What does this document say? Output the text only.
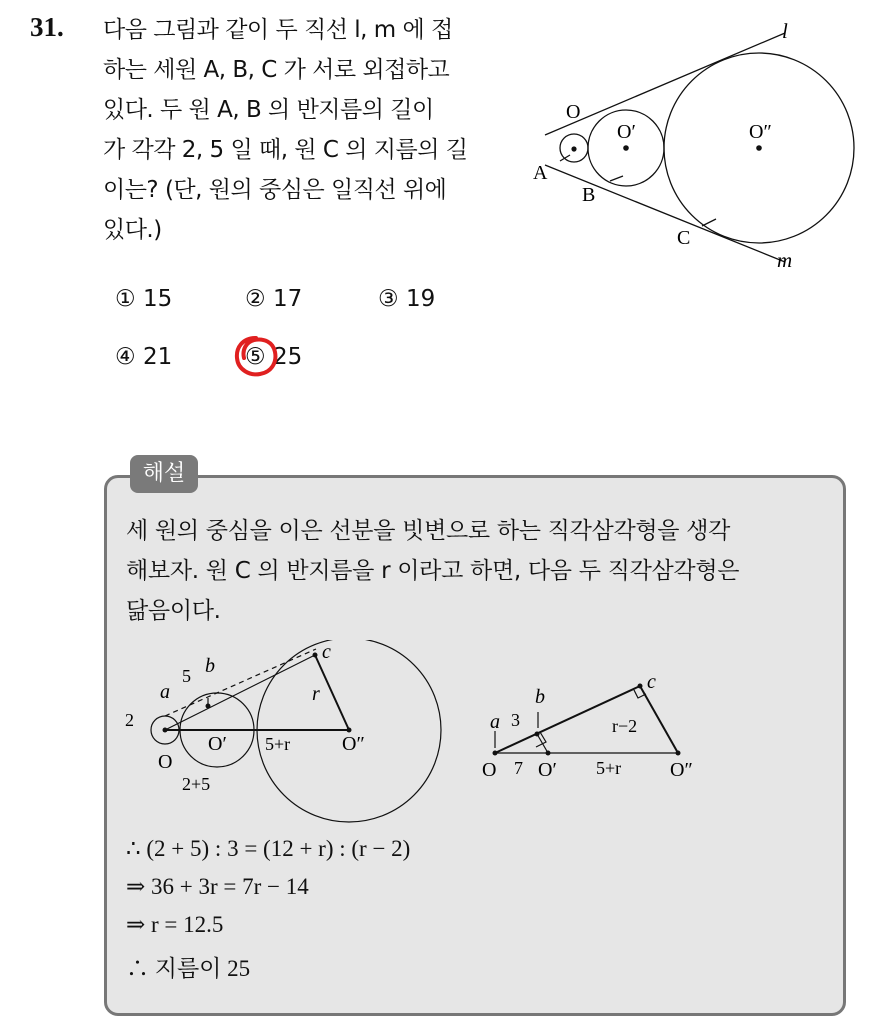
31. 다음 그림과 같이 두 직선 l, m 에 접
하는 세원 A, B, C 가 서로 외접하고
있다. 두 원 A, B 의 반지름의 길이
가 각각 2, 5 일 때, 원 C 의 지름의 길
이는? (단, 원의 중심은 일직선 위에
있다.)
l
m
O
O′	O″
A
B
C
① 15	② 17	③ 19
④ 21	⑤ 25
해설
세 원의 중심을 이은 선분을 빗변으로 하는 직각삼각형을 생각
해보자. 원 C 의 반지름을 r 이라고 하면, 다음 두 직각삼각형은
닮음이다.
a
b
c
5
2
r
O
O′	O″
2+5
5+r
a
b
c
3	r−2
O O′	O″
7	5+r
∴ (2 + 5) : 3 = (12 + r) : (r − 2)
⇒ 36 + 3r = 7r − 14
⇒ r = 12.5
∴ 지름이 25
